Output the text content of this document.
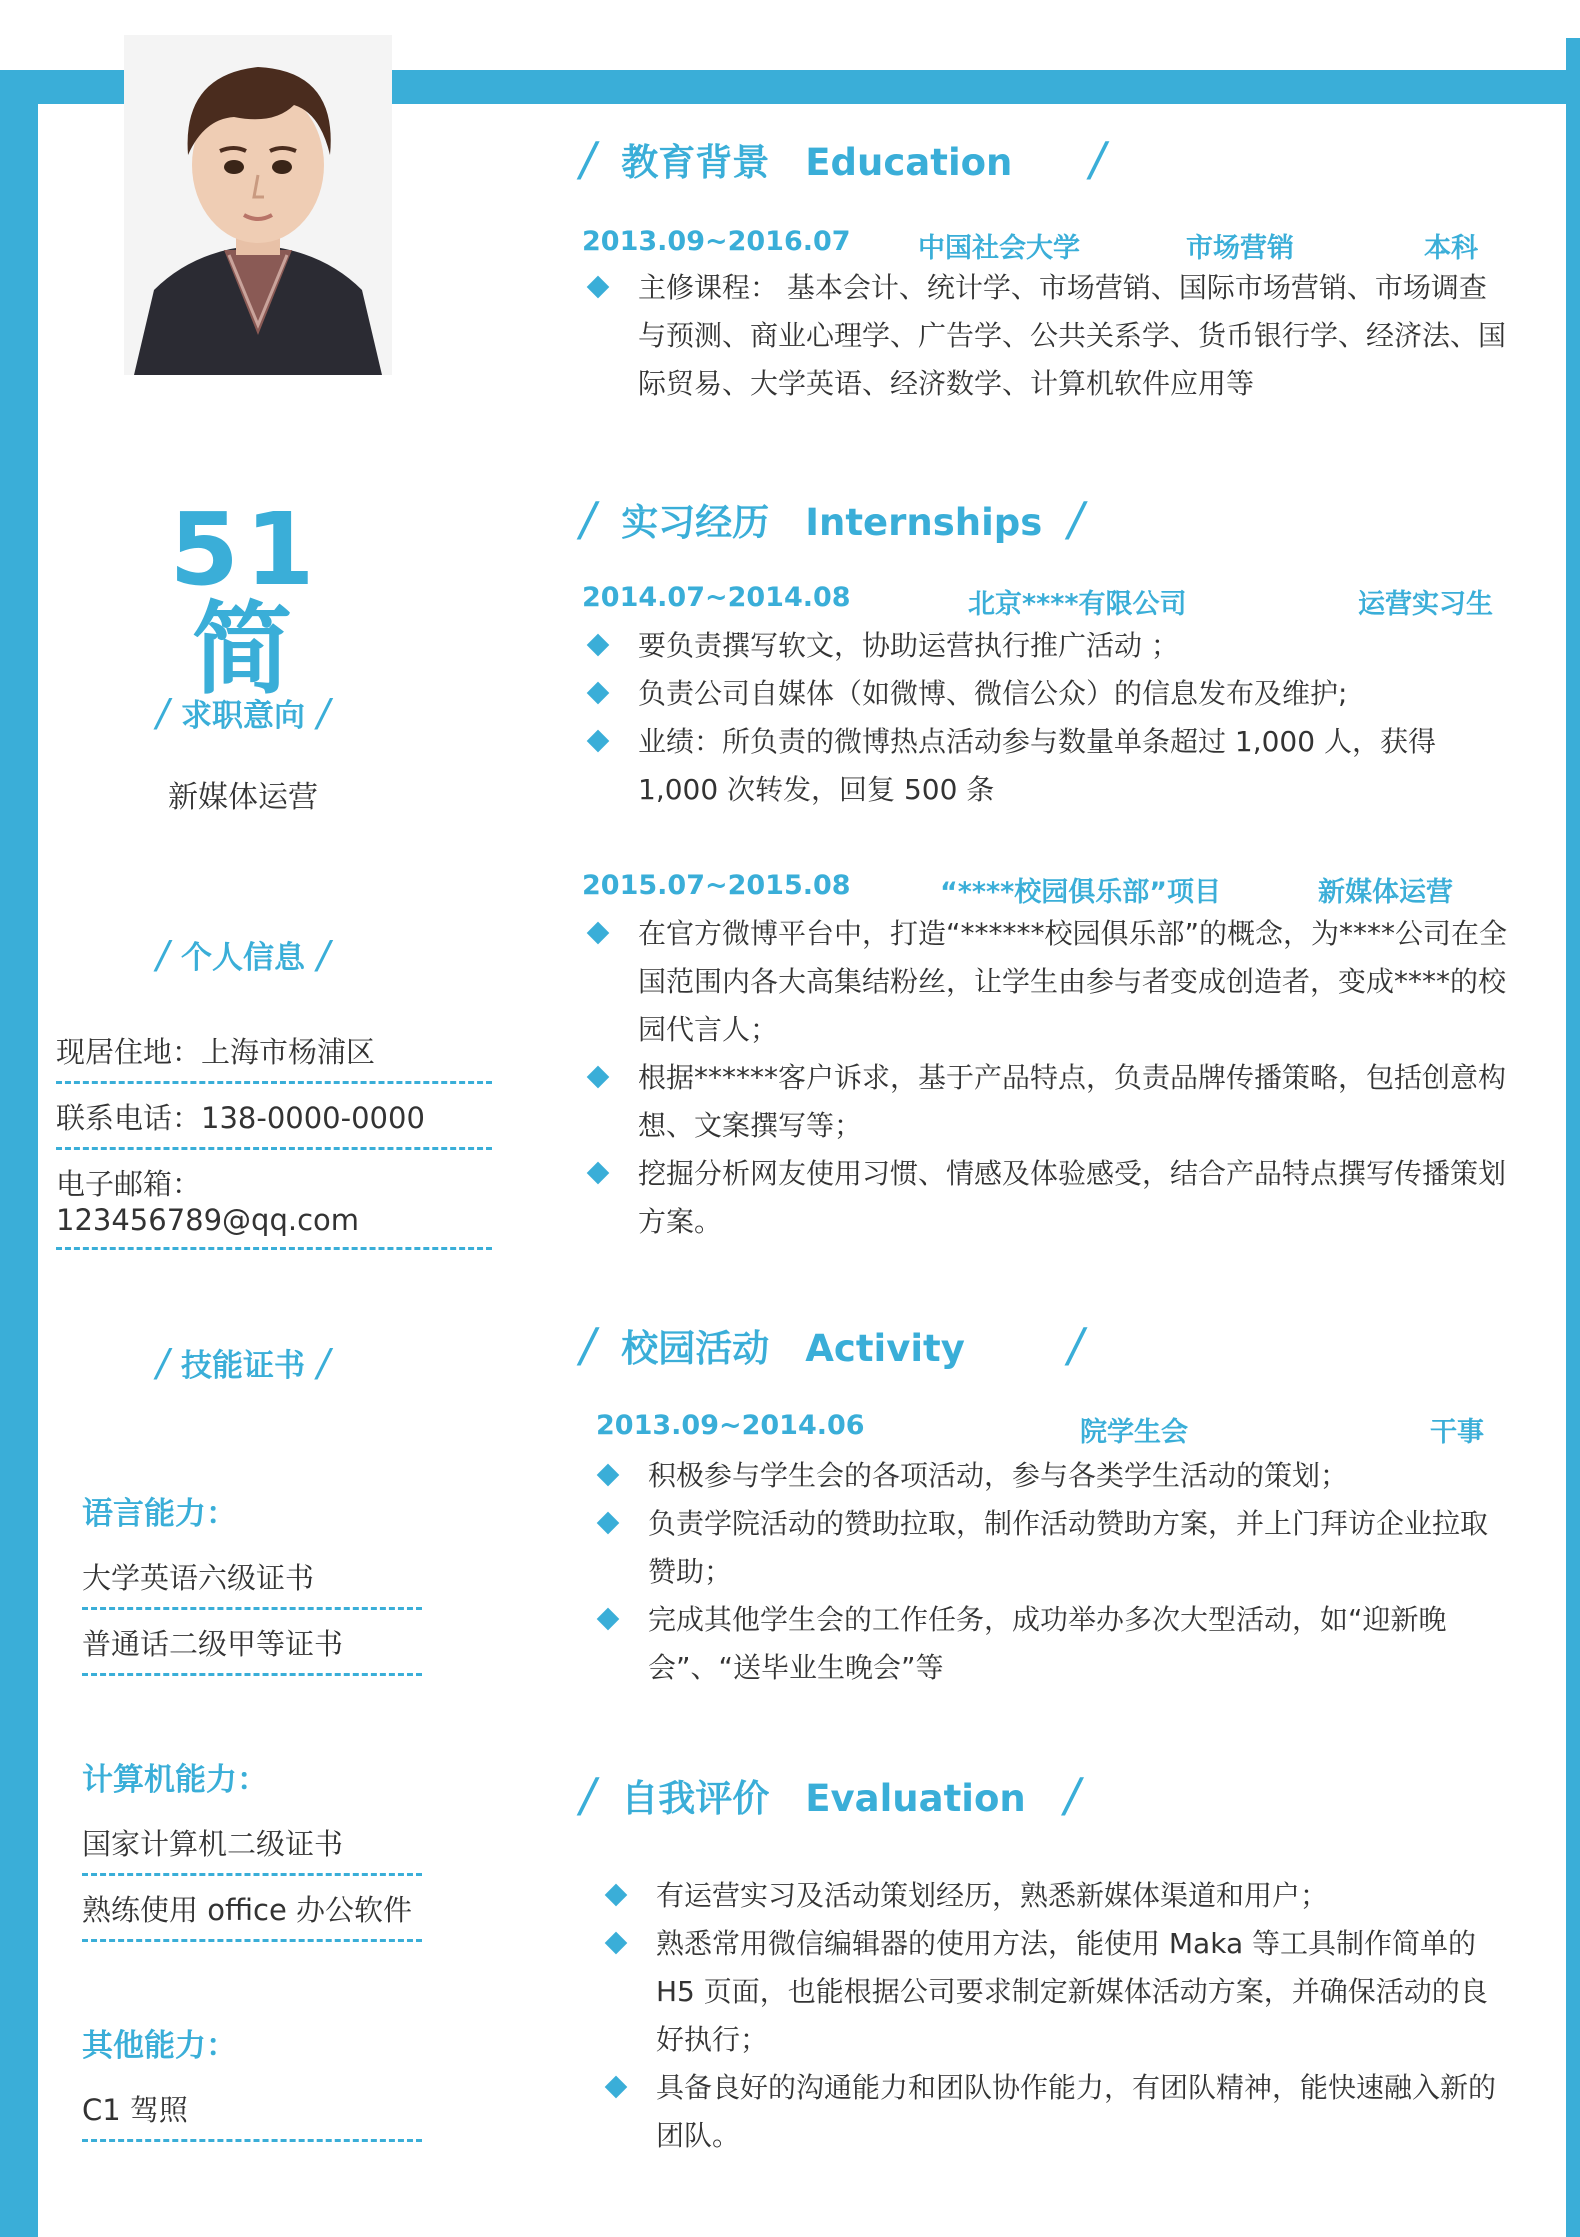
51 简
/ 求职意向 /
新媒体运营
/ 个人信息 /
现居住地：上海市杨浦区
联系电话：138-0000-0000
电子邮箱：123456789@qq.com
/ 技能证书 /
语言能力：
大学英语六级证书
普通话二级甲等证书
计算机能力：
国家计算机二级证书
熟练使用 office 办公软件
其他能力：
C1 驾照
/ 教育背景 Education /
2013.09~2016.07 中国社会大学	市场营销	本科
主修课程： 基本会计、统计学、市场营销、国际市场营销、市场调查与预测、商业心理学、广告学、公共关系学、货币银行学、经济法、国际贸易、大学英语、经济数学、计算机软件应用等
/ 实习经历 Internships /
2014.07~2014.08	北京****有限公司	运营实习生
要负责撰写软文，协助运营执行推广活动 ；
负责公司自媒体（如微博、微信公众）的信息发布及维护;
业绩：所负责的微博热点活动参与数量单条超过 1,000 人，获得 1,000 次转发，回复 500 条
2015.07~2015.08	“****校园俱乐部”项目	新媒体运营
在官方微博平台中，打造“******校园俱乐部”的概念，为****公司在全国范围内各大高集结粉丝，让学生由参与者变成创造者，变成****的校园代言人；
根据******客户诉求，基于产品特点，负责品牌传播策略，包括创意构想、文案撰写等；
挖掘分析网友使用习惯、情感及体验感受，结合产品特点撰写传播策划方案。
/ 校园活动 Activity /
2013.09~2014.06	院学生会	干事
积极参与学生会的各项活动，参与各类学生活动的策划；
负责学院活动的赞助拉取，制作活动赞助方案，并上门拜访企业拉取赞助；
完成其他学生会的工作任务，成功举办多次大型活动，如“迎新晚会”、“送毕业生晚会”等
/ 自我评价 Evaluation /
有运营实习及活动策划经历，熟悉新媒体渠道和用户；
熟悉常用微信编辑器的使用方法，能使用 Maka 等工具制作简单的 H5 页面，也能根据公司要求制定新媒体活动方案，并确保活动的良好执行；
具备良好的沟通能力和团队协作能力，有团队精神，能快速融入新的团队。
